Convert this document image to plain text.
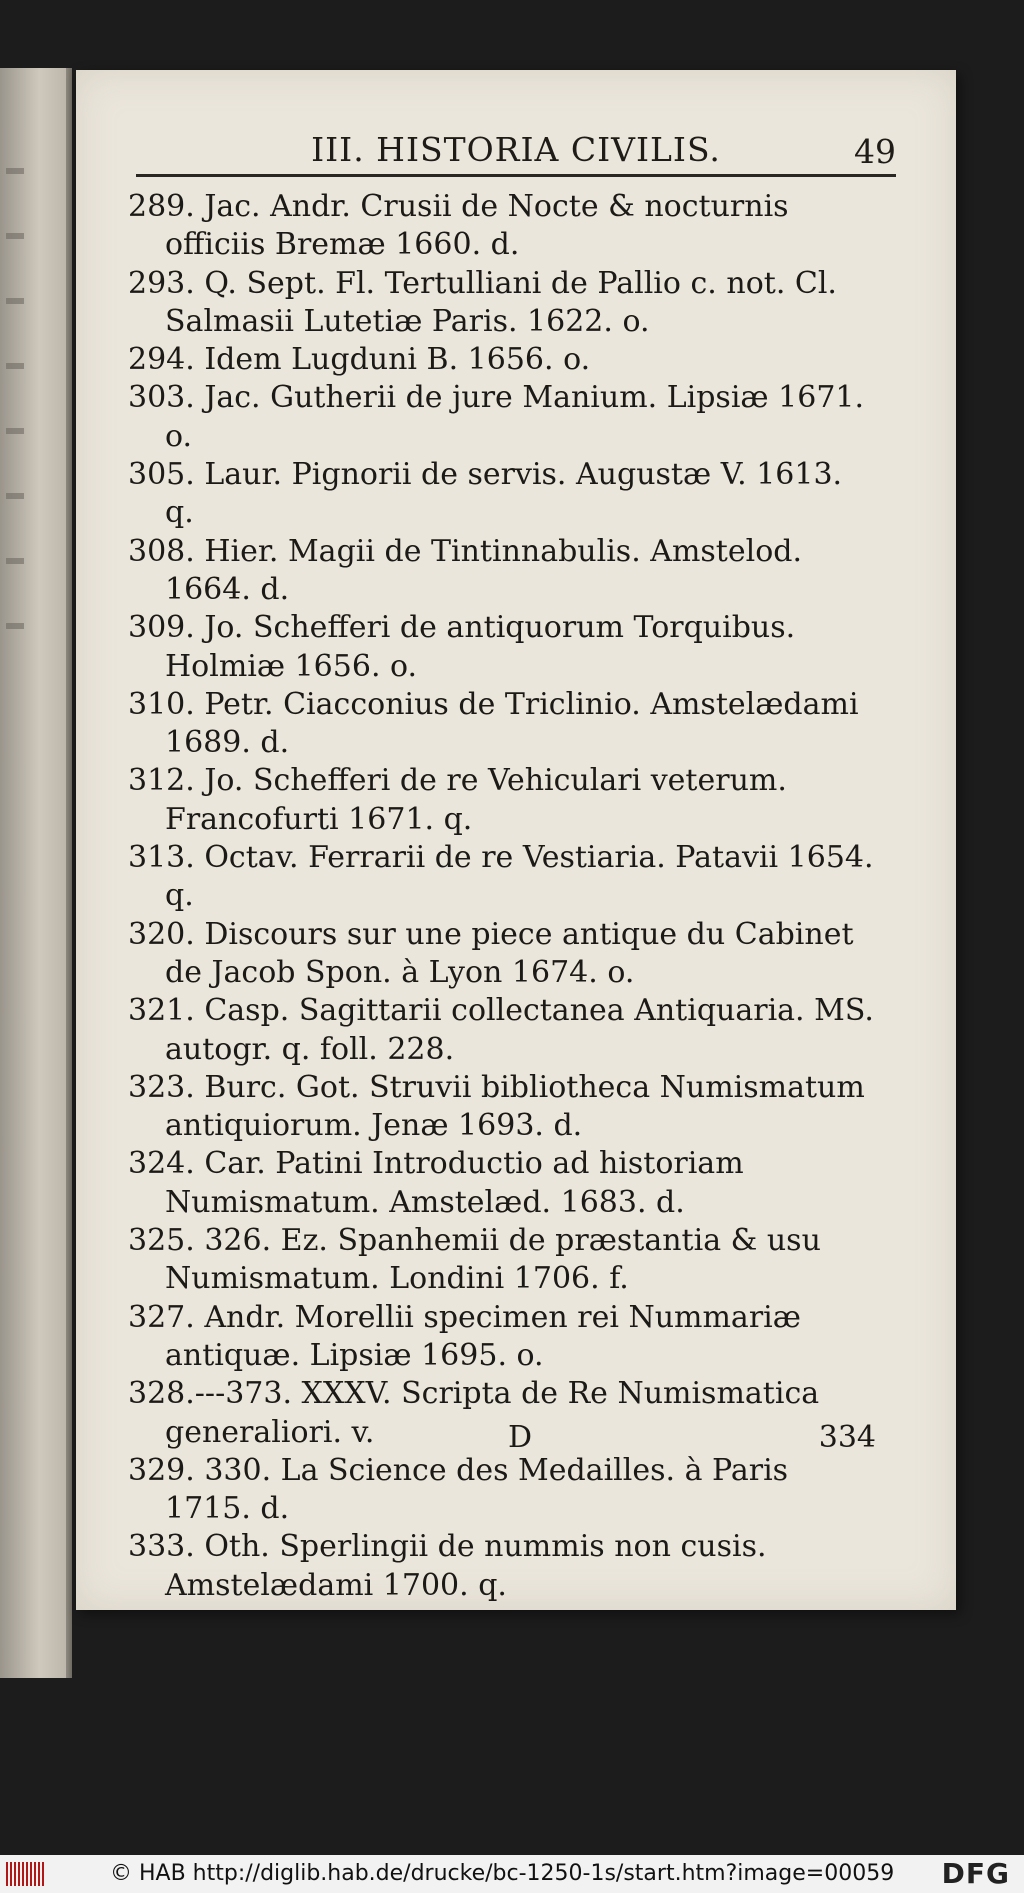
III. HISTORIA CIVILIS.	49

289. Jac. Andr. Crusii de Nocte & nocturnis officiis Bremæ 1660. d.

293. Q. Sept. Fl. Tertulliani de Pallio c. not. Cl. Salmasii Lutetiæ Paris. 1622. o.

294. Idem Lugduni B. 1656. o.

303. Jac. Gutherii de jure Manium. Lipsiæ 1671. o.

305. Laur. Pignorii de servis. Augustæ V. 1613. q.

308. Hier. Magii de Tintinnabulis. Amstelod. 1664. d.

309. Jo. Schefferi de antiquorum Torquibus. Holmiæ 1656. o.

310. Petr. Ciacconius de Triclinio. Amstelædami 1689. d.

312. Jo. Schefferi de re Vehiculari veterum. Francofurti 1671. q.

313. Octav. Ferrarii de re Vestiaria. Patavii 1654. q.

320. Discours sur une piece antique du Cabinet de Jacob Spon. à Lyon 1674. o.

321. Casp. Sagittarii collectanea Antiquaria. MS. autogr. q. foll. 228.

323. Burc. Got. Struvii bibliotheca Numismatum antiquiorum. Jenæ 1693. d.

324. Car. Patini Introductio ad historiam Numismatum. Amstelæd. 1683. d.

325. 326. Ez. Spanhemii de præstantia & usu Numismatum. Londini 1706. f.

327. Andr. Morellii specimen rei Nummariæ antiquæ. Lipsiæ 1695. o.

328.---373. XXXV. Scripta de Re Numismatica generaliori. v.

329. 330. La Science des Medailles. à Paris 1715. d.

333. Oth. Sperlingii de nummis non cusis. Amstelædami 1700. q.

D	334
© HAB http://diglib.hab.de/drucke/bc-1250-1s/start.htm?image=00059 DFG
